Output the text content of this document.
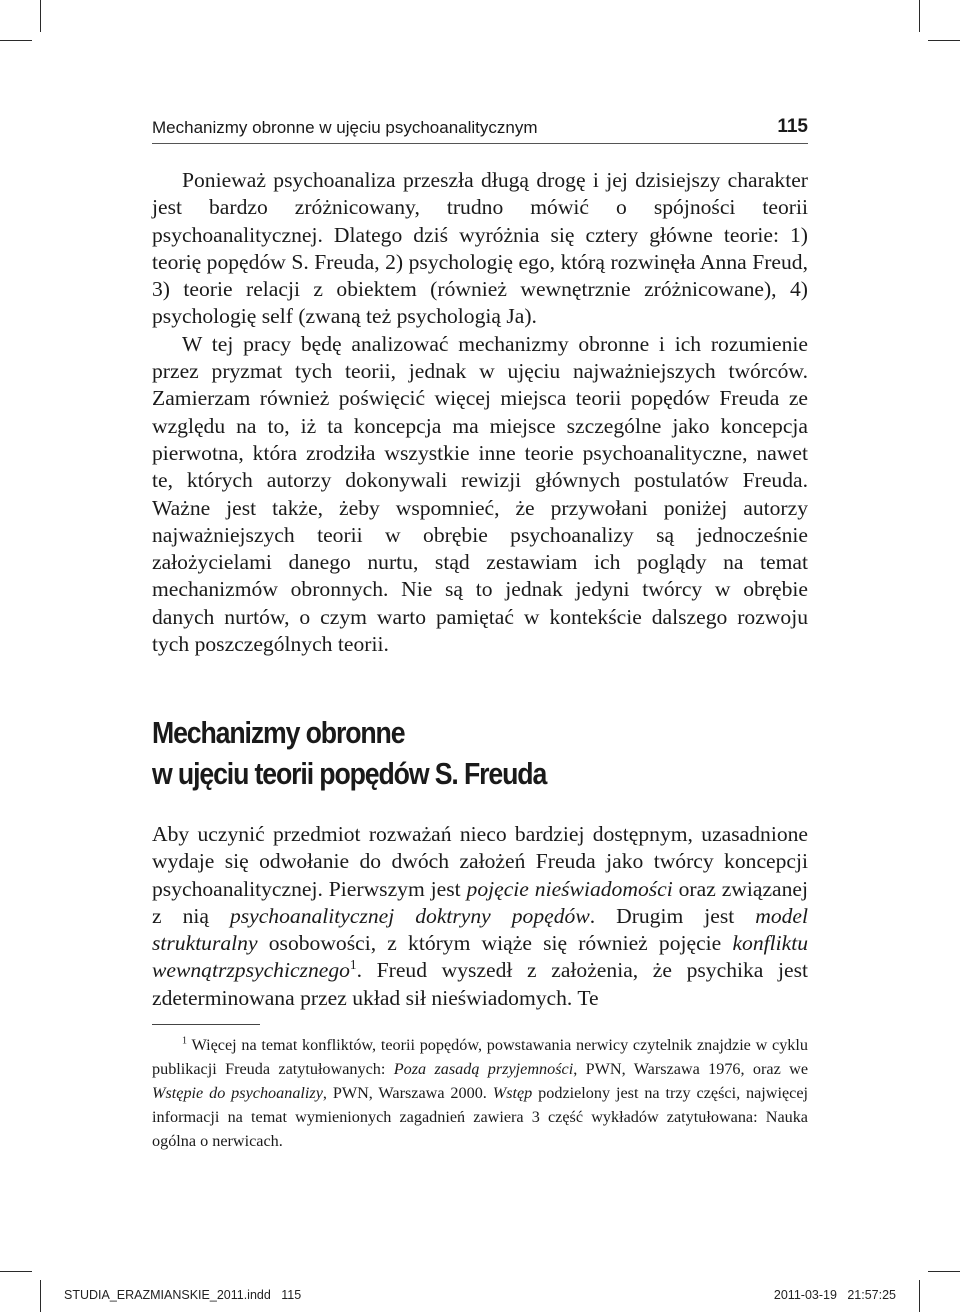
Mechanizmy obronne w ujęciu psychoanalitycznym	115

Ponieważ psychoanaliza przeszła długą drogę i jej dzisiejszy charakter jest bardzo zróżnicowany, trudno mówić o spójności teorii psychoanalitycznej. Dlatego dziś wyróżnia się cztery główne teorie: 1) teorię popędów S. Freuda, 2) psychologię ego, którą rozwinęła Anna Freud, 3) teorie relacji z obiektem (również wewnętrznie zróżnicowane), 4) psychologię self (zwaną też psychologią Ja).

W tej pracy będę analizować mechanizmy obronne i ich rozumienie przez pryzmat tych teorii, jednak w ujęciu najważniejszych twórców. Zamierzam również poświęcić więcej miejsca teorii popędów Freuda ze względu na to, iż ta koncepcja ma miejsce szczególne jako koncepcja pierwotna, która zrodziła wszystkie inne teorie psychoanalityczne, nawet te, których autorzy dokonywali rewizji głównych postulatów Freuda. Ważne jest także, żeby wspomnieć, że przywołani poniżej autorzy najważniejszych teorii w obrębie psychoanalizy są jednocześnie założycielami danego nurtu, stąd zestawiam ich poglądy na temat mechanizmów obronnych. Nie są to jednak jedyni twórcy w obrębie danych nurtów, o czym warto pamiętać w kontekście dalszego rozwoju tych poszczególnych teorii.

Mechanizmy obronne
w ujęciu teorii popędów S. Freuda

Aby uczynić przedmiot rozważań nieco bardziej dostępnym, uzasadnione wydaje się odwołanie do dwóch założeń Freuda jako twórcy koncepcji psychoanalitycznej. Pierwszym jest pojęcie nieświadomości oraz związanej z nią psychoanalitycznej doktryny popędów. Drugim jest model strukturalny osobowości, z którym wiąże się również pojęcie konfliktu wewnątrzpsychicznego$^1$. Freud wyszedł z założenia, że psychika jest zdeterminowana przez układ sił nieświadomych. Te

$^1$ Więcej na temat konfliktów, teorii popędów, powstawania nerwicy czytelnik znajdzie w cyklu publikacji Freuda zatytułowanych: Poza zasadą przyjemności, PWN, Warszawa 1976, oraz we Wstępie do psychoanalizy, PWN, Warszawa 2000. Wstęp podzielony jest na trzy części, najwięcej informacji na temat wymienionych zagadnień zawiera 3 część wykładów zatytułowana: Nauka ogólna o nerwicach.

STUDIA_ERAZMIANSKIE_2011.indd   115	2011-03-19   21:57:25
